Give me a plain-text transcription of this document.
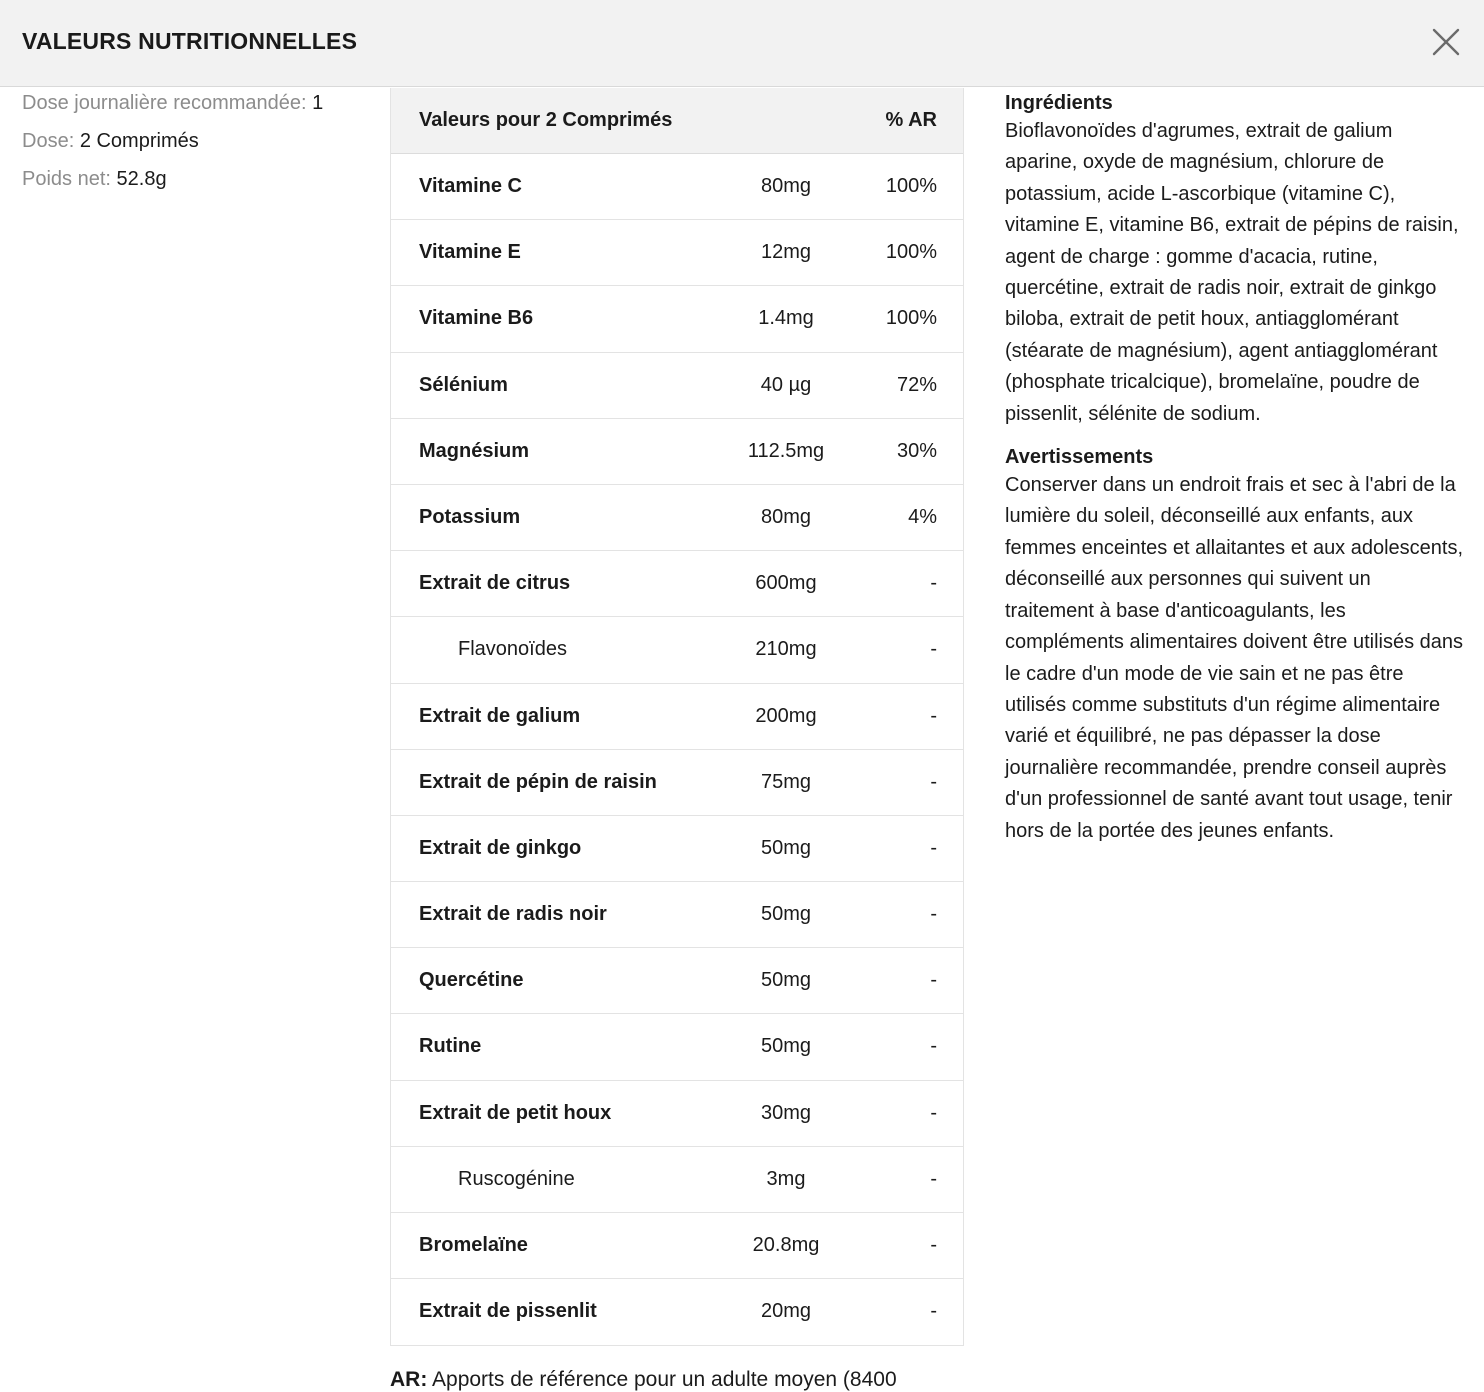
VALEURS NUTRITIONNELLES
Dose journalière recommandée: 1
Dose: 2 Comprimés
Poids net: 52.8g
Valeurs pour 2 Comprimés	% AR
Vitamine C	80mg	100%
Vitamine E	12mg	100%
Vitamine B6	1.4mg	100%
Sélénium	40 µg	72%
Magnésium	112.5mg	30%
Potassium	80mg	4%
Extrait de citrus	600mg	-
Flavonoïdes	210mg	-
Extrait de galium	200mg	-
Extrait de pépin de raisin	75mg	-
Extrait de ginkgo	50mg	-
Extrait de radis noir	50mg	-
Quercétine	50mg	-
Rutine	50mg	-
Extrait de petit houx	30mg	-
Ruscogénine	3mg	-
Bromelaïne	20.8mg	-
Extrait de pissenlit	20mg	-
AR: Apports de référence pour un adulte moyen (8400
Ingrédients

Bioflavonoïdes d'agrumes, extrait de galium aparine, oxyde de magnésium, chlorure de potassium, acide L-ascorbique (vitamine C), vitamine E, vitamine B6, extrait de pépins de raisin, agent de charge : gomme d'acacia, rutine, quercétine, extrait de radis noir, extrait de ginkgo biloba, extrait de petit houx, antiagglomérant (stéarate de magnésium), agent antiagglomérant (phosphate tricalcique), bromelaïne, poudre de pissenlit, sélénite de sodium.

Avertissements

Conserver dans un endroit frais et sec à l'abri de la lumière du soleil, déconseillé aux enfants, aux femmes enceintes et allaitantes et aux adolescents, déconseillé aux personnes qui suivent un traitement à base d'anticoagulants, les compléments alimentaires doivent être utilisés dans le cadre d'un mode de vie sain et ne pas être utilisés comme substituts d'un régime alimentaire varié et équilibré, ne pas dépasser la dose journalière recommandée, prendre conseil auprès d'un professionnel de santé avant tout usage, tenir hors de la portée des jeunes enfants.
